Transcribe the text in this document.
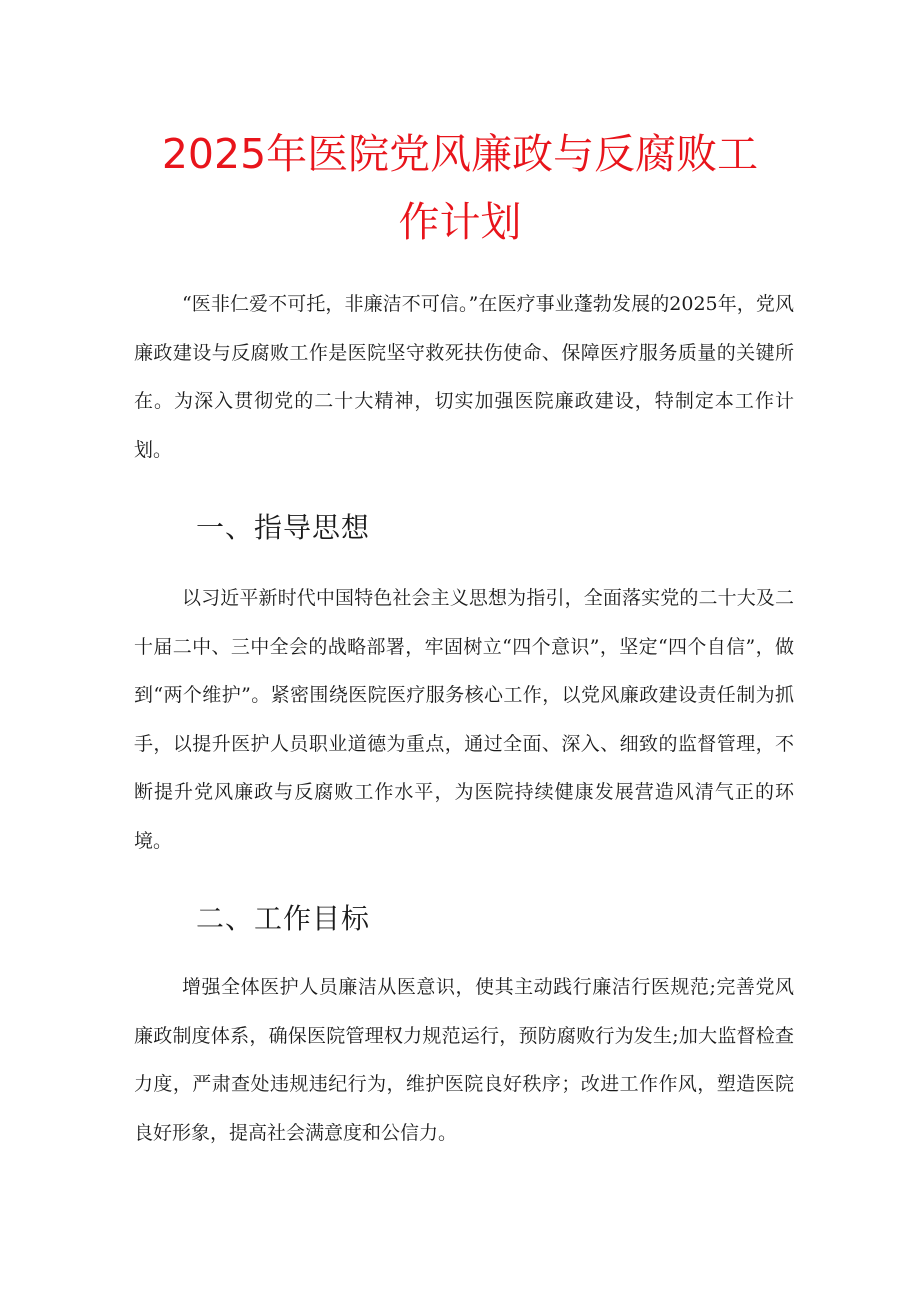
2025年医院党风廉政与反腐败工
作计划

“医非仁爱不可托，非廉洁不可信。”在医疗事业蓬勃发展的2025年，党风廉政建设与反腐败工作是医院坚守救死扶伤使命、保障医疗服务质量的关键所在。为深入贯彻党的二十大精神，切实加强医院廉政建设，特制定本工作计划。

一、指导思想

以习近平新时代中国特色社会主义思想为指引，全面落实党的二十大及二十届二中、三中全会的战略部署，牢固树立“四个意识”，坚定“四个自信”，做到“两个维护”。紧密围绕医院医疗服务核心工作，以党风廉政建设责任制为抓手，以提升医护人员职业道德为重点，通过全面、深入、细致的监督管理，不断提升党风廉政与反腐败工作水平，为医院持续健康发展营造风清气正的环境。

二、工作目标

增强全体医护人员廉洁从医意识，使其主动践行廉洁行医规范;完善党风廉政制度体系，确保医院管理权力规范运行，预防腐败行为发生;加大监督检查力度，严肃查处违规违纪行为，维护医院良好秩序；改进工作作风，塑造医院良好形象，提高社会满意度和公信力。
